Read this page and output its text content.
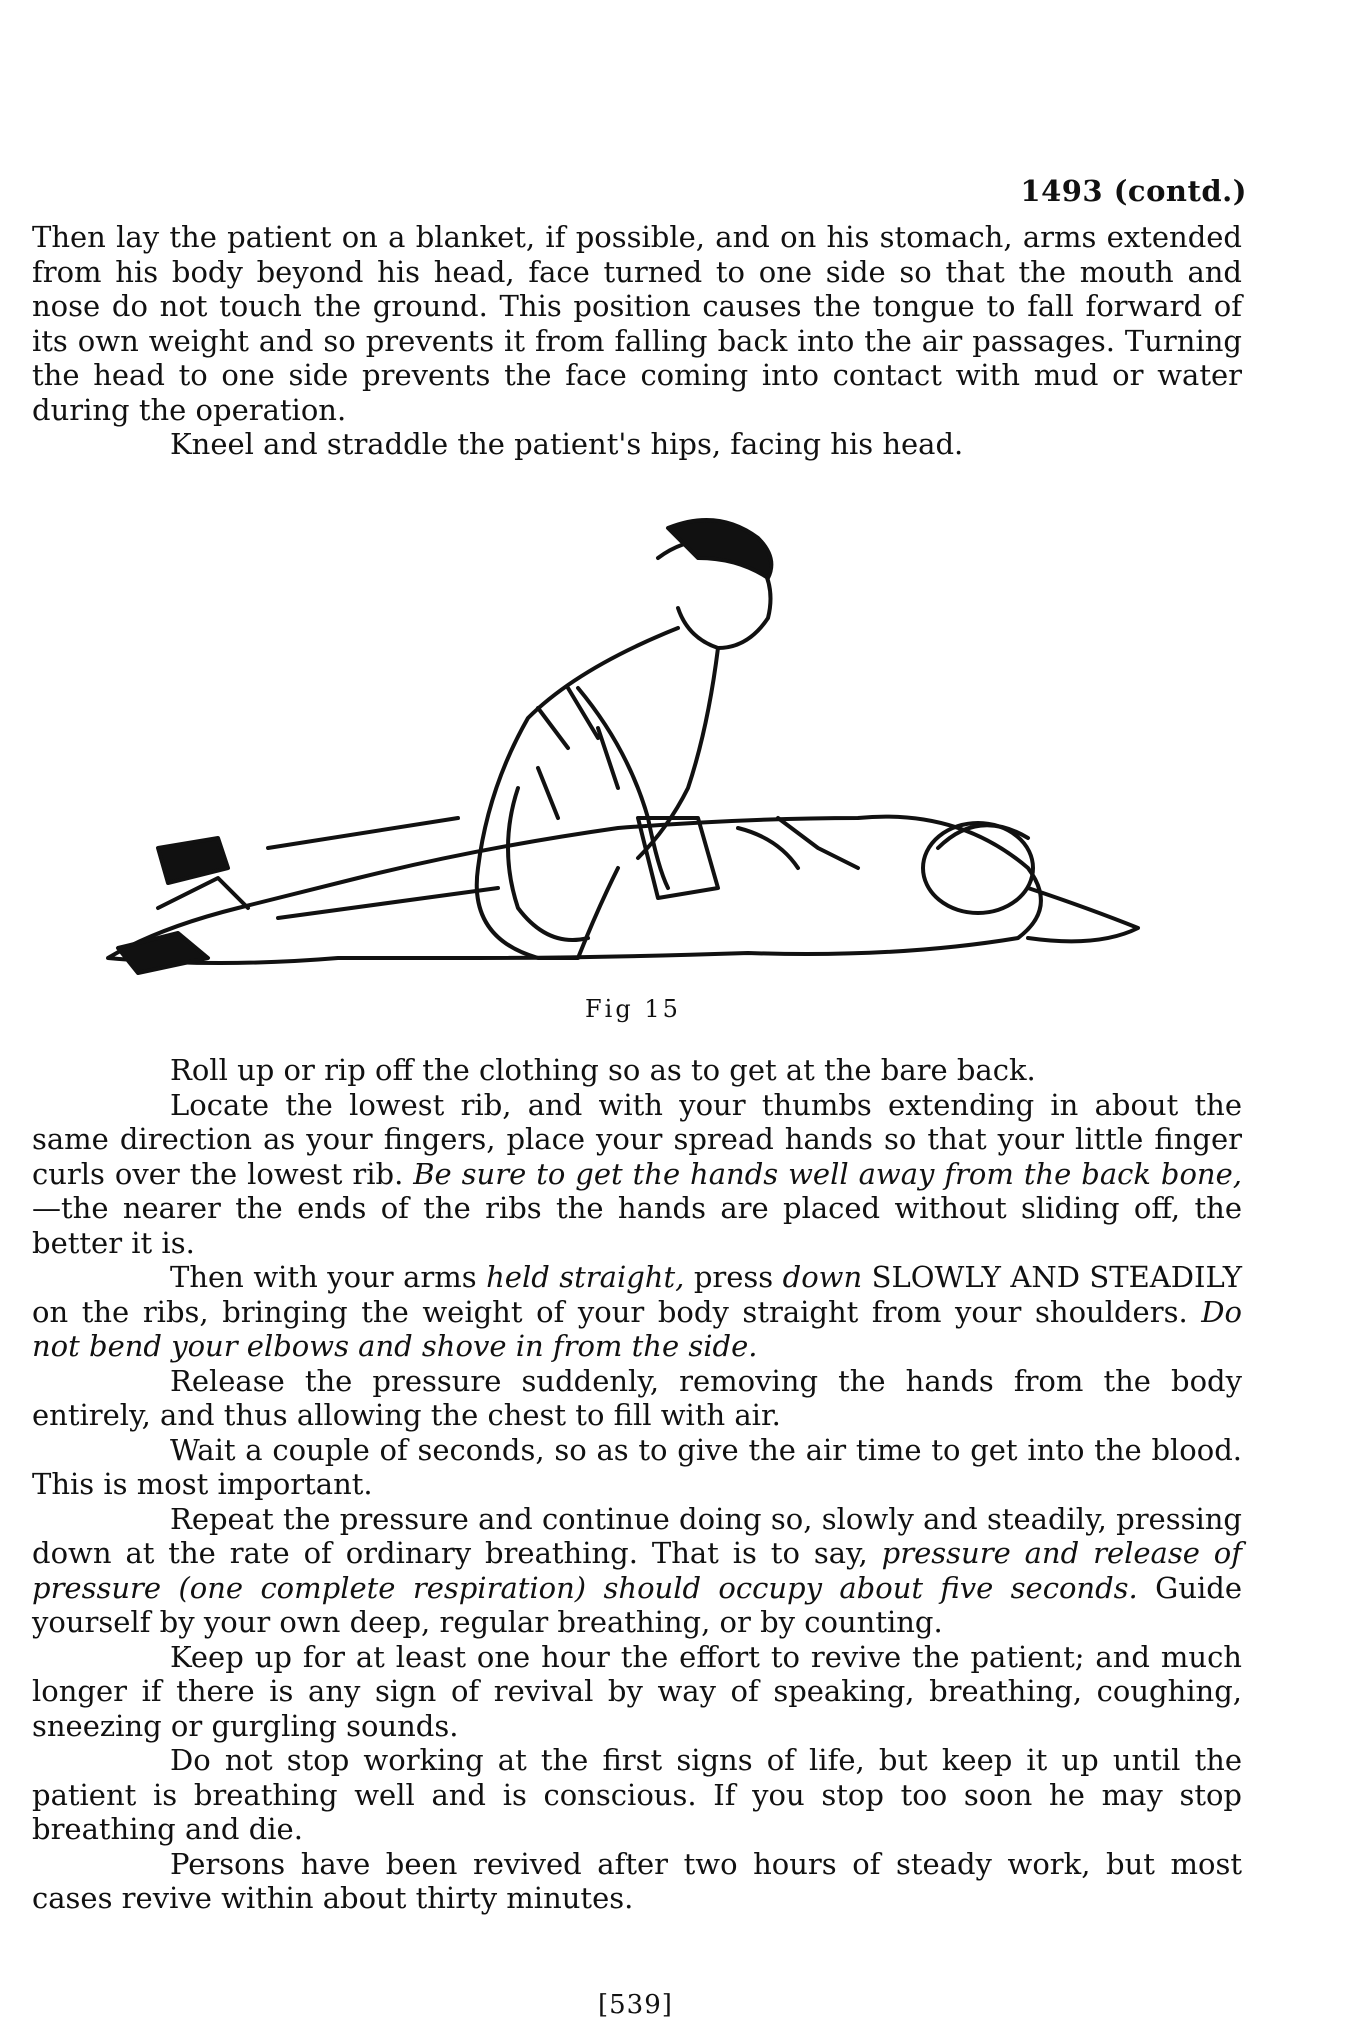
1493 (contd.)

Then lay the patient on a blanket, if possible, and on his stomach, arms extended from his body beyond his head, face turned to one side so that the mouth and nose do not touch the ground. This position causes the tongue to fall forward of its own weight and so prevents it from falling back into the air passages. Turning the head to one side prevents the face coming into contact with mud or water during the operation.

Kneel and straddle the patient's hips, facing his head.

Fig 15

Roll up or rip off the clothing so as to get at the bare back.

Locate the lowest rib, and with your thumbs extending in about the same direction as your fingers, place your spread hands so that your little finger curls over the lowest rib. Be sure to get the hands well away from the back bone,—the nearer the ends of the ribs the hands are placed without sliding off, the better it is.

Then with your arms held straight, press down SLOWLY AND STEADILY on the ribs, bringing the weight of your body straight from your shoulders. Do not bend your elbows and shove in from the side.

Release the pressure suddenly, removing the hands from the body entirely, and thus allowing the chest to fill with air.

Wait a couple of seconds, so as to give the air time to get into the blood. This is most important.

Repeat the pressure and continue doing so, slowly and steadily, pressing down at the rate of ordinary breathing. That is to say, pressure and release of pressure (one complete respiration) should occupy about five seconds. Guide yourself by your own deep, regular breathing, or by counting.

Keep up for at least one hour the effort to revive the patient; and much longer if there is any sign of revival by way of speaking, breathing, coughing, sneezing or gurgling sounds.

Do not stop working at the first signs of life, but keep it up until the patient is breathing well and is conscious. If you stop too soon he may stop breathing and die.

Persons have been revived after two hours of steady work, but most cases revive within about thirty minutes.

[539]
